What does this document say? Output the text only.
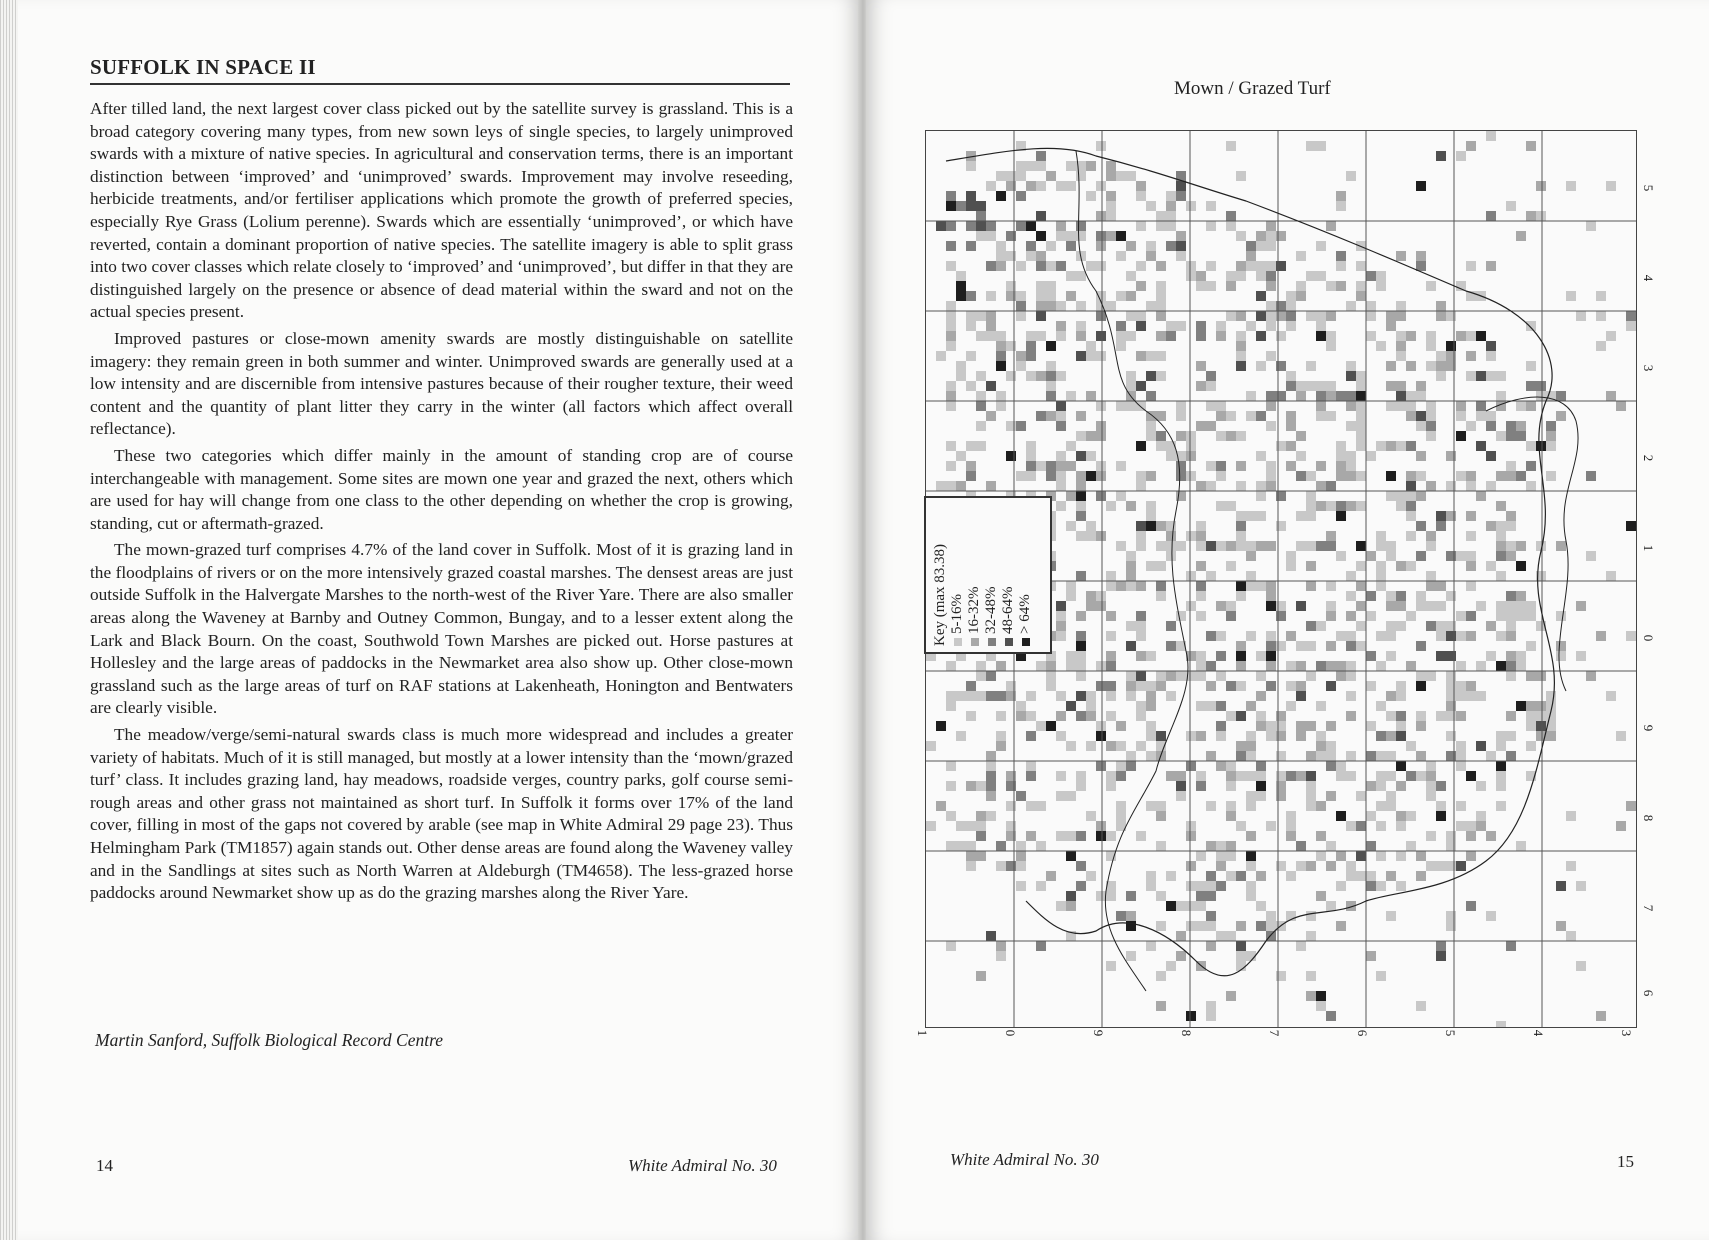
SUFFOLK IN SPACE II

After tilled land, the next largest cover class picked out by the satellite survey is grassland. This is a broad category covering many types, from new sown leys of single species, to largely unimproved swards with a mixture of native species. In agricultural and conservation terms, there is an important distinction between ‘improved’ and ‘unimproved’ swards. Improvement may involve reseeding, herbicide treatments, and/or fertiliser applications which promote the growth of preferred species, especially Rye Grass (Lolium perenne). Swards which are essentially ‘unimproved’, or which have reverted, contain a dominant proportion of native species. The satellite imagery is able to split grass into two cover classes which relate closely to ‘improved’ and ‘unimproved’, but differ in that they are distinguished largely on the presence or absence of dead material within the sward and not on the actual species present.

Improved pastures or close-mown amenity swards are mostly distinguishable on satellite imagery: they remain green in both summer and winter. Unimproved swards are generally used at a low intensity and are discernible from intensive pastures because of their rougher texture, their weed content and the quantity of plant litter they carry in the winter (all factors which affect overall reflectance).

These two categories which differ mainly in the amount of standing crop are of course interchangeable with management. Some sites are mown one year and grazed the next, others which are used for hay will change from one class to the other depending on whether the crop is growing, standing, cut or aftermath-grazed.

The mown-grazed turf comprises 4.7% of the land cover in Suffolk. Most of it is grazing land in the floodplains of rivers or on the more intensively grazed coastal marshes. The densest areas are just outside Suffolk in the Halvergate Marshes to the north-west of the River Yare. There are also smaller areas along the Waveney at Barnby and Outney Common, Bungay, and to a lesser extent along the Lark and Black Bourn. On the coast, Southwold Town Marshes are picked out. Horse pastures at Hollesley and the large areas of paddocks in the Newmarket area also show up. Other close-mown grassland such as the large areas of turf on RAF stations at Lakenheath, Honington and Bentwaters are clearly visible.

The meadow/verge/semi-natural swards class is much more widespread and includes a greater variety of habitats. Much of it is still managed, but mostly at a lower intensity than the ‘mown/grazed turf’ class. It includes grazing land, hay meadows, roadside verges, country parks, golf course semi-rough areas and other grass not maintained as short turf. In Suffolk it forms over 17% of the land cover, filling in most of the gaps not covered by arable (see map in White Admiral 29 page 23). Thus Helmingham Park (TM1857) again stands out. Other dense areas are found along the Waveney valley and in the Sandlings at sites such as North Warren at Aldeburgh (TM4658). The less-grazed horse paddocks around Newmarket show up as do the grazing marshes along the River Yare.

Martin Sanford, Suffolk Biological Record Centre
14	White Admiral No. 30
Mown / Grazed Turf
Key (max 83.38) 5-16% 16-32% 32-48% 48-64% > 64%
5
4
3
2
1
0
9
8
7
6
1	0	9	8	7	6	5	4	3
White Admiral No. 30	15
